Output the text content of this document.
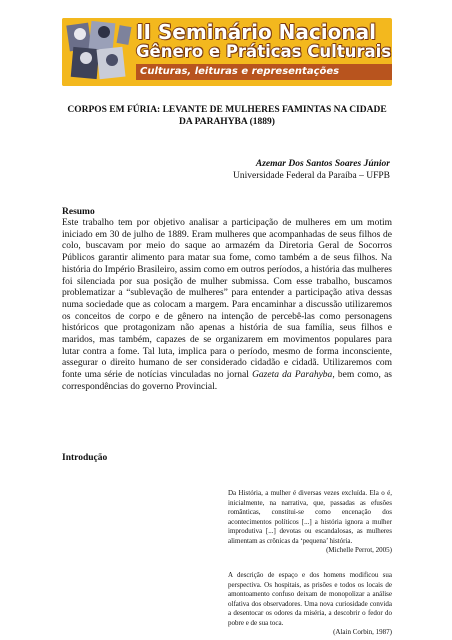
II Seminário Nacional
Gênero e Práticas Culturais
Culturas, leituras e representações
CORPOS EM FÚRIA: LEVANTE DE MULHERES FAMINTAS NA CIDADE
DA PARAHYBA (1889)
Azemar Dos Santos Soares Júnior
Universidade Federal da Paraíba – UFPB
Resumo

Este trabalho tem por objetivo analisar a participação de mulheres em um motim iniciado em 30 de julho de 1889. Eram mulheres que acompanhadas de seus filhos de colo, buscavam por meio do saque ao armazém da Diretoria Geral de Socorros Públicos garantir alimento para matar sua fome, como também a de seus filhos. Na história do Império Brasileiro, assim como em outros períodos, a história das mulheres foi silenciada por sua posição de mulher submissa. Com esse trabalho, buscamos problematizar a “sublevação de mulheres” para entender a participação ativa dessas numa sociedade que as colocam a margem. Para encaminhar a discussão utilizaremos os conceitos de corpo e de gênero na intenção de percebê-las como personagens históricos que protagonizam não apenas a história de sua família, seus filhos e maridos, mas também, capazes de se organizarem em movimentos populares para lutar contra a fome. Tal luta, implica para o período, mesmo de forma inconsciente, assegurar o direito humano de ser considerado cidadão e cidadã. Utilizaremos com fonte uma série de notícias vinculadas no jornal Gazeta da Parahyba, bem como, as correspondências do governo Provincial.

Introdução

Da História, a mulher é diversas vezes excluída. Ela o é, inicialmente, na narrativa, que, passadas as efusões românticas, constitui-se como encenação dos acontecimentos políticos [...] a história ignora a mulher improdutiva [...] devotas ou escandalosas, as mulheres alimentam as crônicas da ‘pequena’ história.

(Michelle Perrot, 2005)

A descrição de espaço e dos homens modificou sua perspectiva. Os hospitais, as prisões e todos os locais de amontoamento confuso deixam de monopolizar a análise olfativa dos observadores. Uma nova curiosidade convida a desentocar os odores da miséria, a descobrir o fedor do pobre e de sua toca.

(Alain Corbin, 1987)
